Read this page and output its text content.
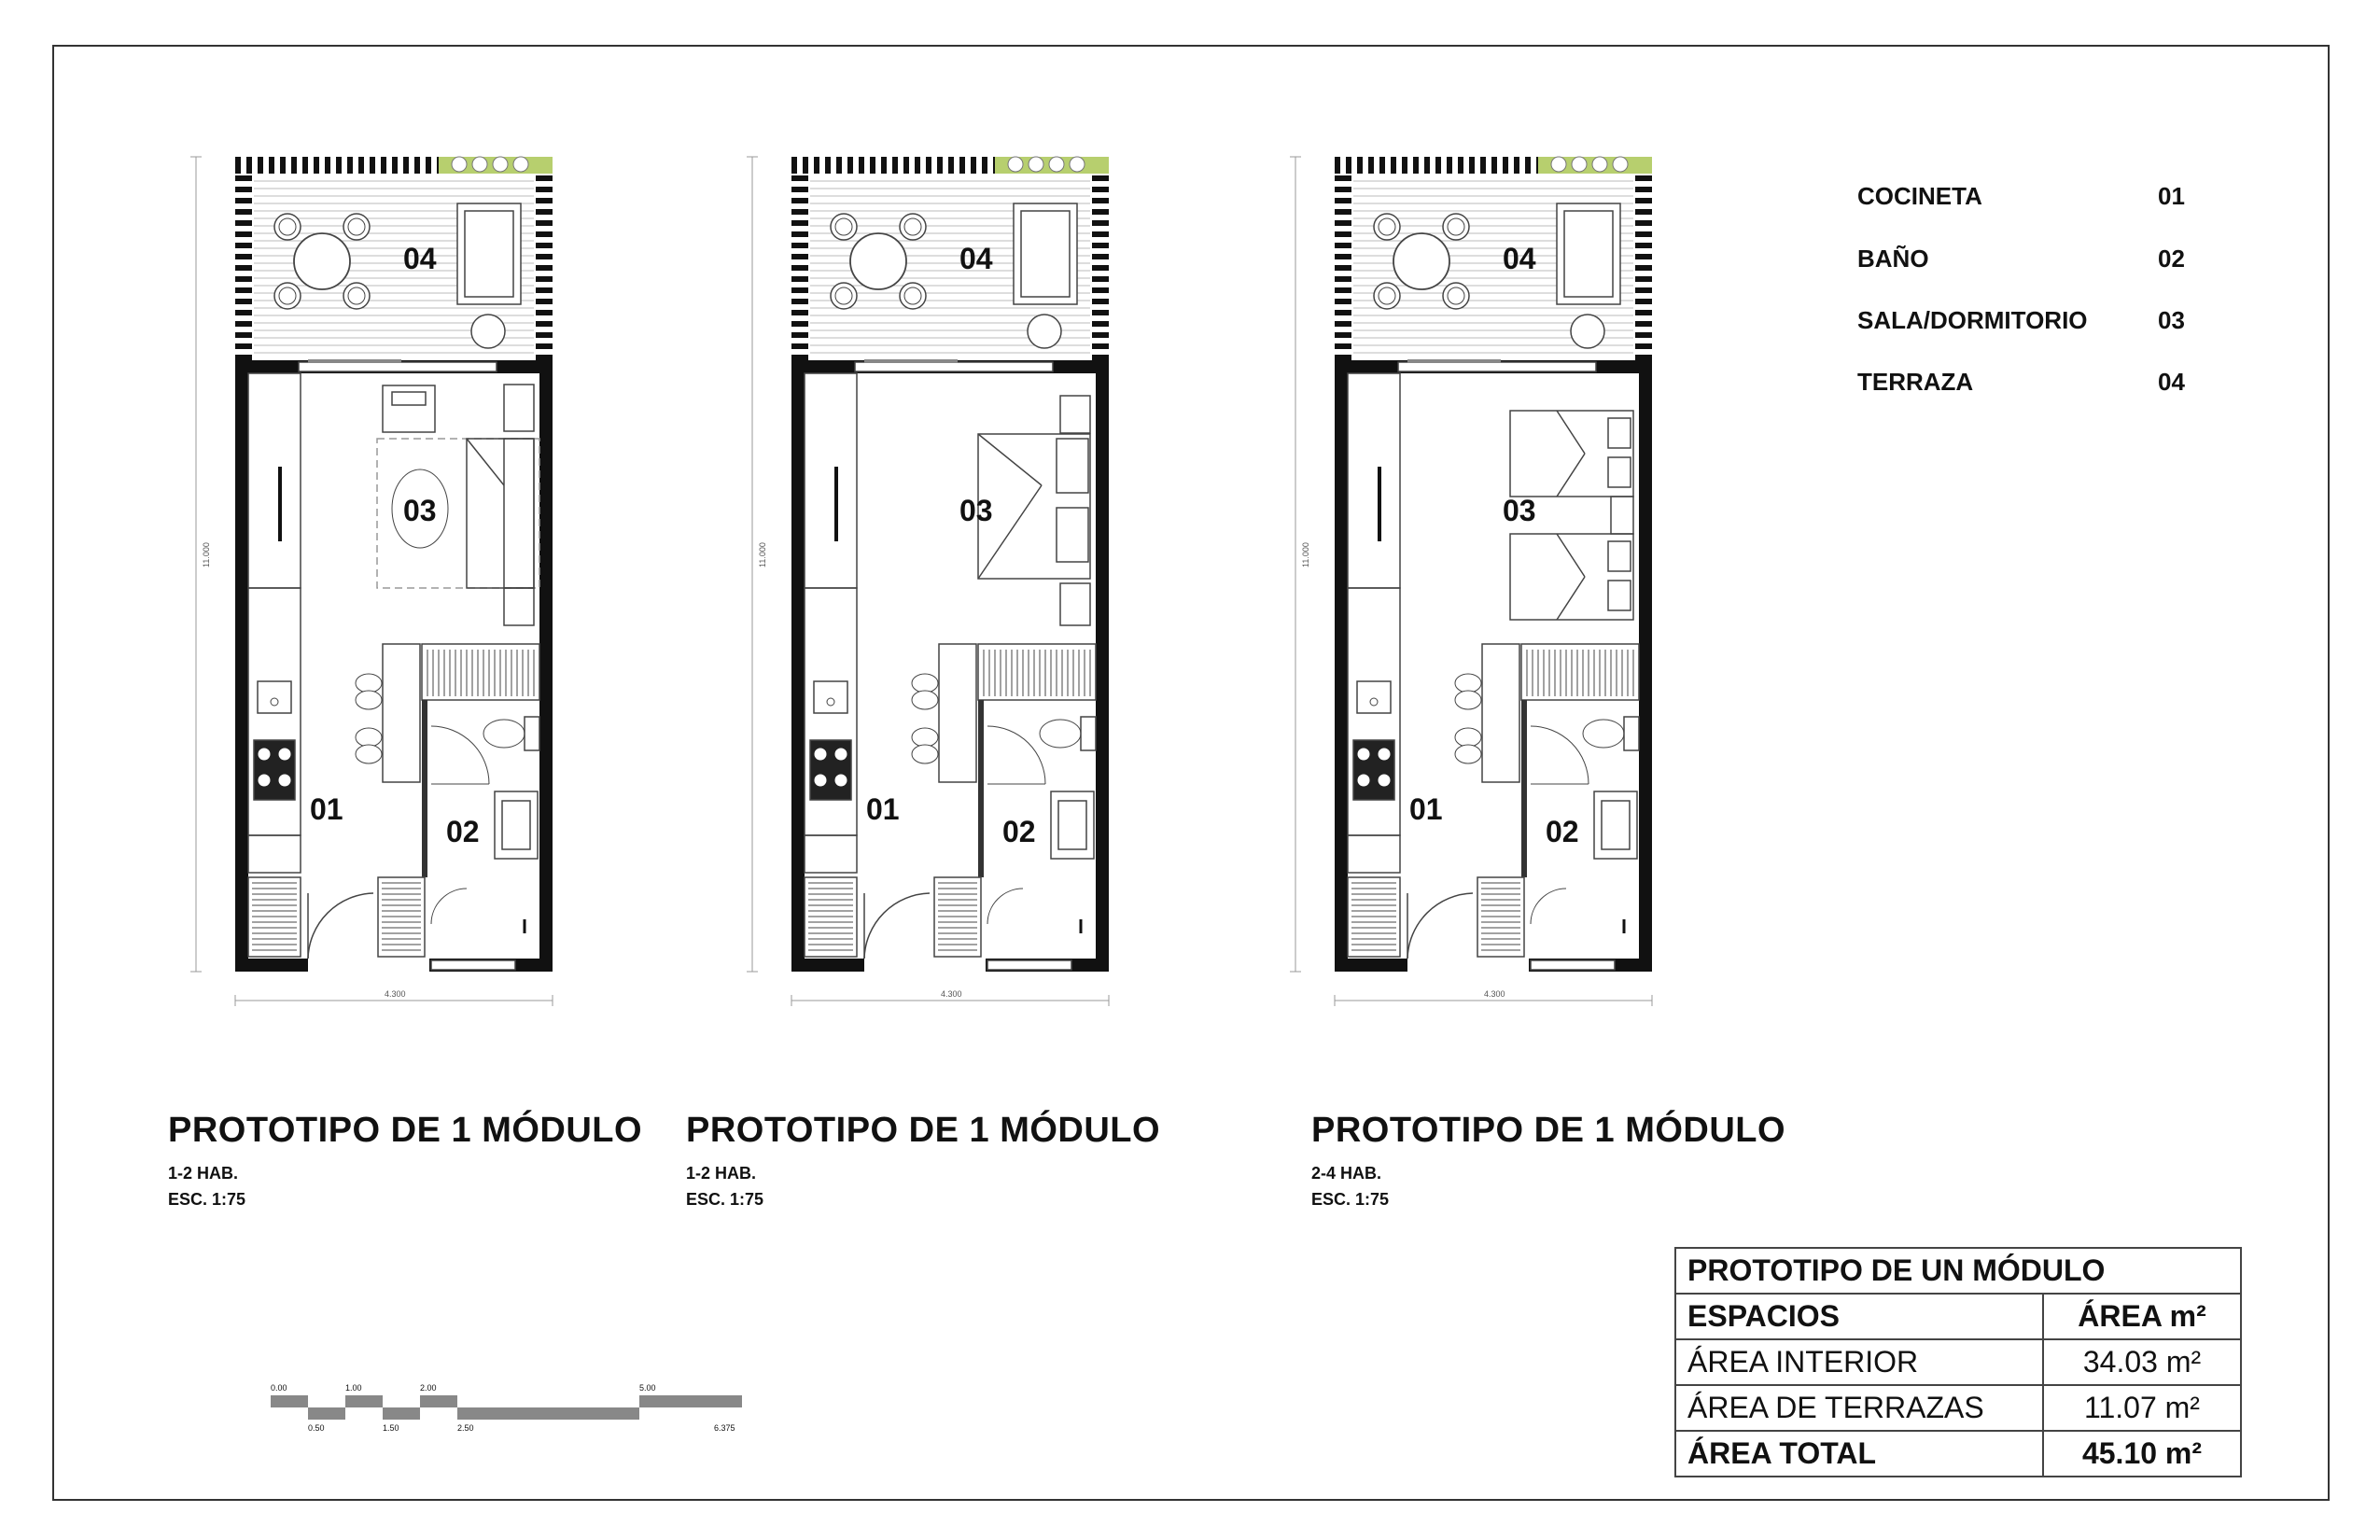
04
01
02
03
11.000
4.300
04
01
02
03
11.000
4.300
04
01
02
03
11.000
4.300
0.00	1.00	2.00	5.00
0.50	1.50	2.50	6.375
COCINETA	01
BAÑO	02
SALA/DORMITORIO	03
TERRAZA	04
PROTOTIPO DE 1 MÓDULO
1-2 HAB.
ESC. 1:75
PROTOTIPO DE 1 MÓDULO
1-2 HAB.
ESC. 1:75
PROTOTIPO DE 1 MÓDULO
2-4 HAB.
ESC. 1:75
PROTOTIPO DE UN MÓDULO	
ESPACIOS	ÁREA m²
ÁREA INTERIOR	34.03 m²
ÁREA DE TERRAZAS	11.07 m²
ÁREA TOTAL	45.10 m²
